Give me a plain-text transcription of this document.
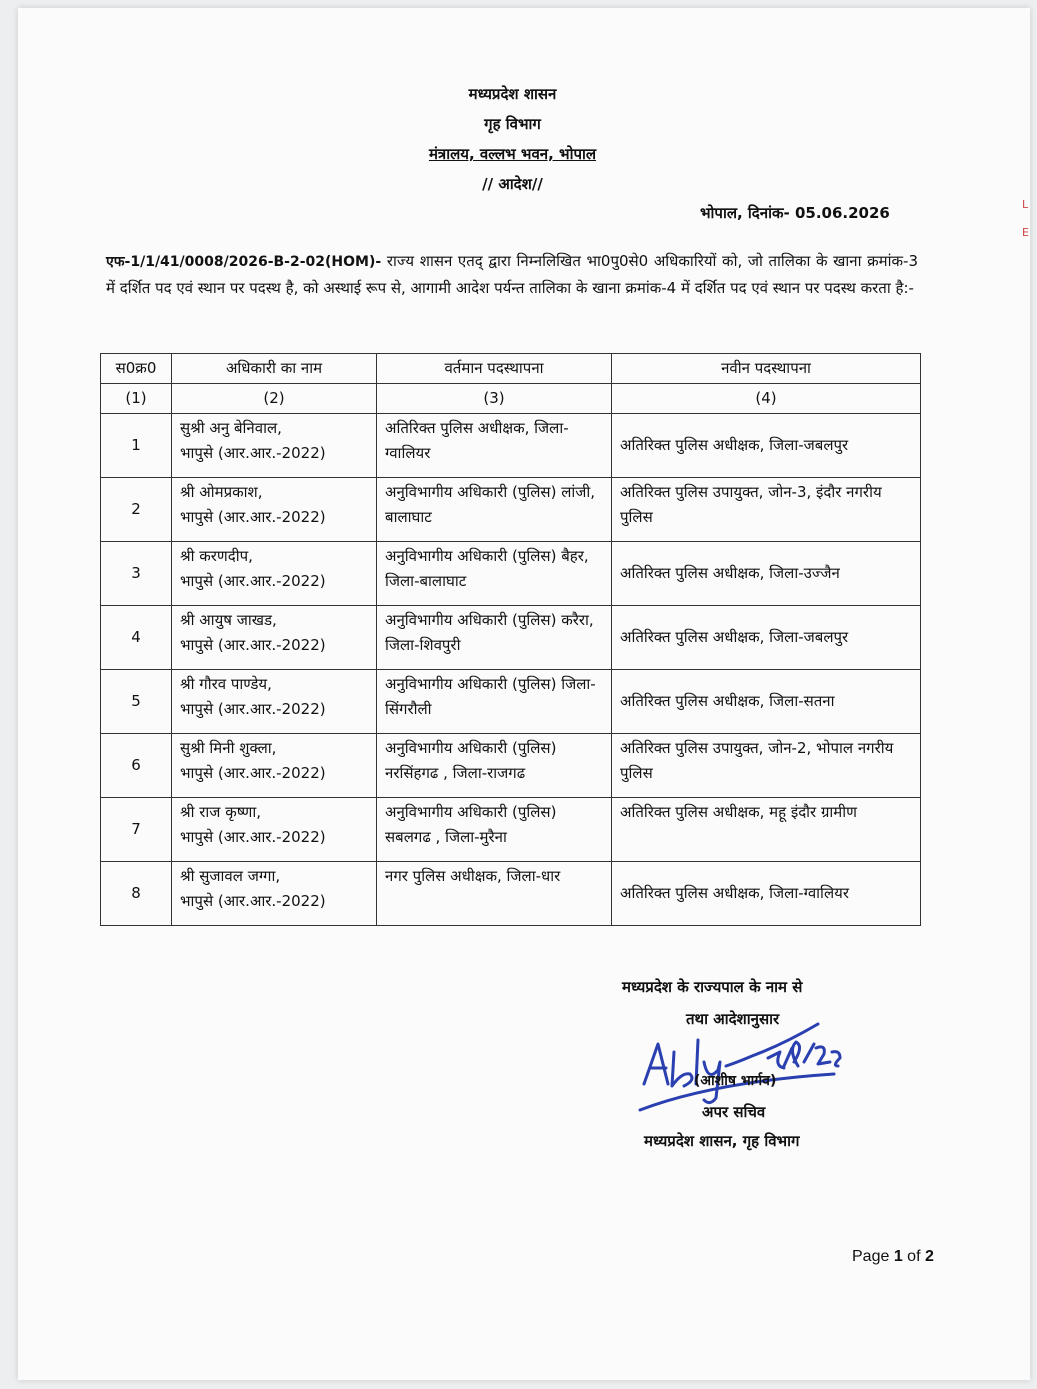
मध्यप्रदेश शासन
गृह विभाग
मंत्रालय, वल्लभ भवन, भोपाल
// आदेश//
भोपाल, दिनांक- 05.06.2026
एफ-1/1/41/0008/2026-B-2-02(HOM)- राज्य शासन एतद् द्वारा निम्नलिखित भा0पु0से0 अधिकारियों को, जो तालिका के खाना क्रमांक-3 में दर्शित पद एवं स्थान पर पदस्थ है, को अस्थाई रूप से, आगामी आदेश पर्यन्त तालिका के खाना क्रमांक-4 में दर्शित पद एवं स्थान पर पदस्थ करता है:-
स0क्र0	अधिकारी का नाम	वर्तमान पदस्थापना	नवीन पदस्थापना
(1)	(2)	(3)	(4)
1	सुश्री अनु बेनिवाल,
भापुसे (आर.आर.-2022)	अतिरिक्त पुलिस अधीक्षक, जिला-ग्वालियर	अतिरिक्त पुलिस अधीक्षक, जिला-जबलपुर
2	श्री ओमप्रकाश,
भापुसे (आर.आर.-2022)	अनुविभागीय अधिकारी (पुलिस) लांजी, बालाघाट	अतिरिक्त पुलिस उपायुक्त, जोन-3, इंदौर नगरीय पुलिस
3	श्री करणदीप,
भापुसे (आर.आर.-2022)	अनुविभागीय अधिकारी (पुलिस) बैहर, जिला-बालाघाट	अतिरिक्त पुलिस अधीक्षक, जिला-उज्जैन
4	श्री आयुष जाखड,
भापुसे (आर.आर.-2022)	अनुविभागीय अधिकारी (पुलिस) करैरा, जिला-शिवपुरी	अतिरिक्त पुलिस अधीक्षक, जिला-जबलपुर
5	श्री गौरव पाण्डेय,
भापुसे (आर.आर.-2022)	अनुविभागीय अधिकारी (पुलिस) जिला-सिंगरौली	अतिरिक्त पुलिस अधीक्षक, जिला-सतना
6	सुश्री मिनी शुक्ला,
भापुसे (आर.आर.-2022)	अनुविभागीय अधिकारी (पुलिस) नरसिंहगढ , जिला-राजगढ	अतिरिक्त पुलिस उपायुक्त, जोन-2, भोपाल नगरीय पुलिस
7	श्री राज कृष्णा,
भापुसे (आर.आर.-2022)	अनुविभागीय अधिकारी (पुलिस) सबलगढ , जिला-मुरैना	अतिरिक्त पुलिस अधीक्षक, महू इंदौर ग्रामीण
8	श्री सुजावल जग्गा,
भापुसे (आर.आर.-2022)	नगर पुलिस अधीक्षक, जिला-धार	अतिरिक्त पुलिस अधीक्षक, जिला-ग्वालियर
मध्यप्रदेश के राज्यपाल के नाम से
तथा आदेशानुसार
(आशीष भार्गव)
अपर सचिव
मध्यप्रदेश शासन, गृह विभाग
Page 1 of 2
L
E
